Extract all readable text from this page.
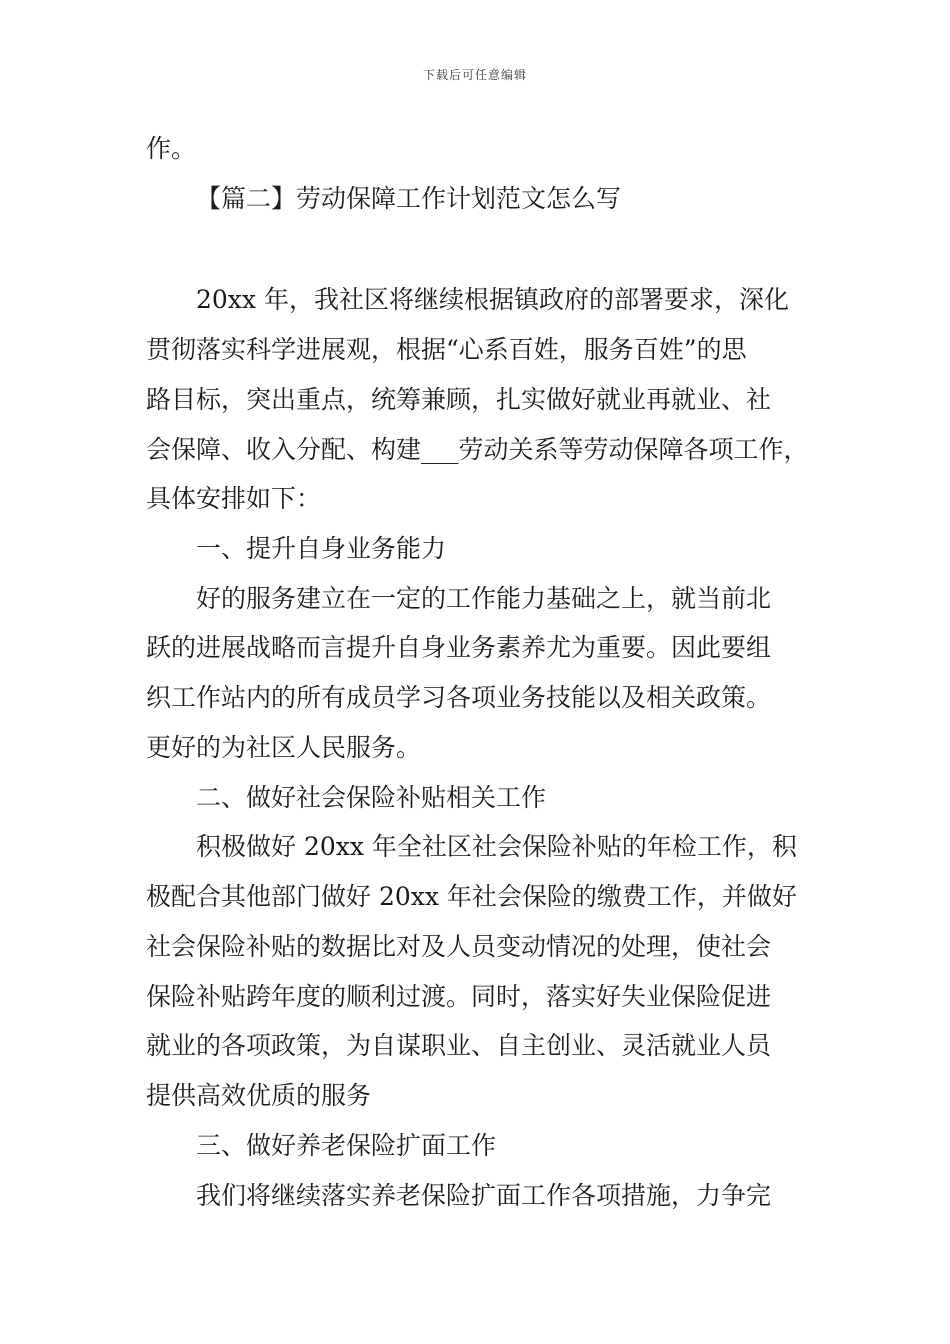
下载后可任意编辑
作。
【篇二】劳动保障工作计划范文怎么写
20xx 年，我社区将继续根据镇政府的部署要求，深化
贯彻落实科学进展观，根据“心系百姓，服务百姓”的思
路目标，突出重点，统筹兼顾，扎实做好就业再就业、社
会保障、收入分配、构建___劳动关系等劳动保障各项工作，
具体安排如下：
一、提升自身业务能力
好的服务建立在一定的工作能力基础之上，就当前北
跃的进展战略而言提升自身业务素养尤为重要。因此要组
织工作站内的所有成员学习各项业务技能以及相关政策。
更好的为社区人民服务。
二、做好社会保险补贴相关工作
积极做好 20xx 年全社区社会保险补贴的年检工作，积
极配合其他部门做好 20xx 年社会保险的缴费工作，并做好
社会保险补贴的数据比对及人员变动情况的处理，使社会
保险补贴跨年度的顺利过渡。同时，落实好失业保险促进
就业的各项政策，为自谋职业、自主创业、灵活就业人员
提供高效优质的服务
三、做好养老保险扩面工作
我们将继续落实养老保险扩面工作各项措施，力争完
